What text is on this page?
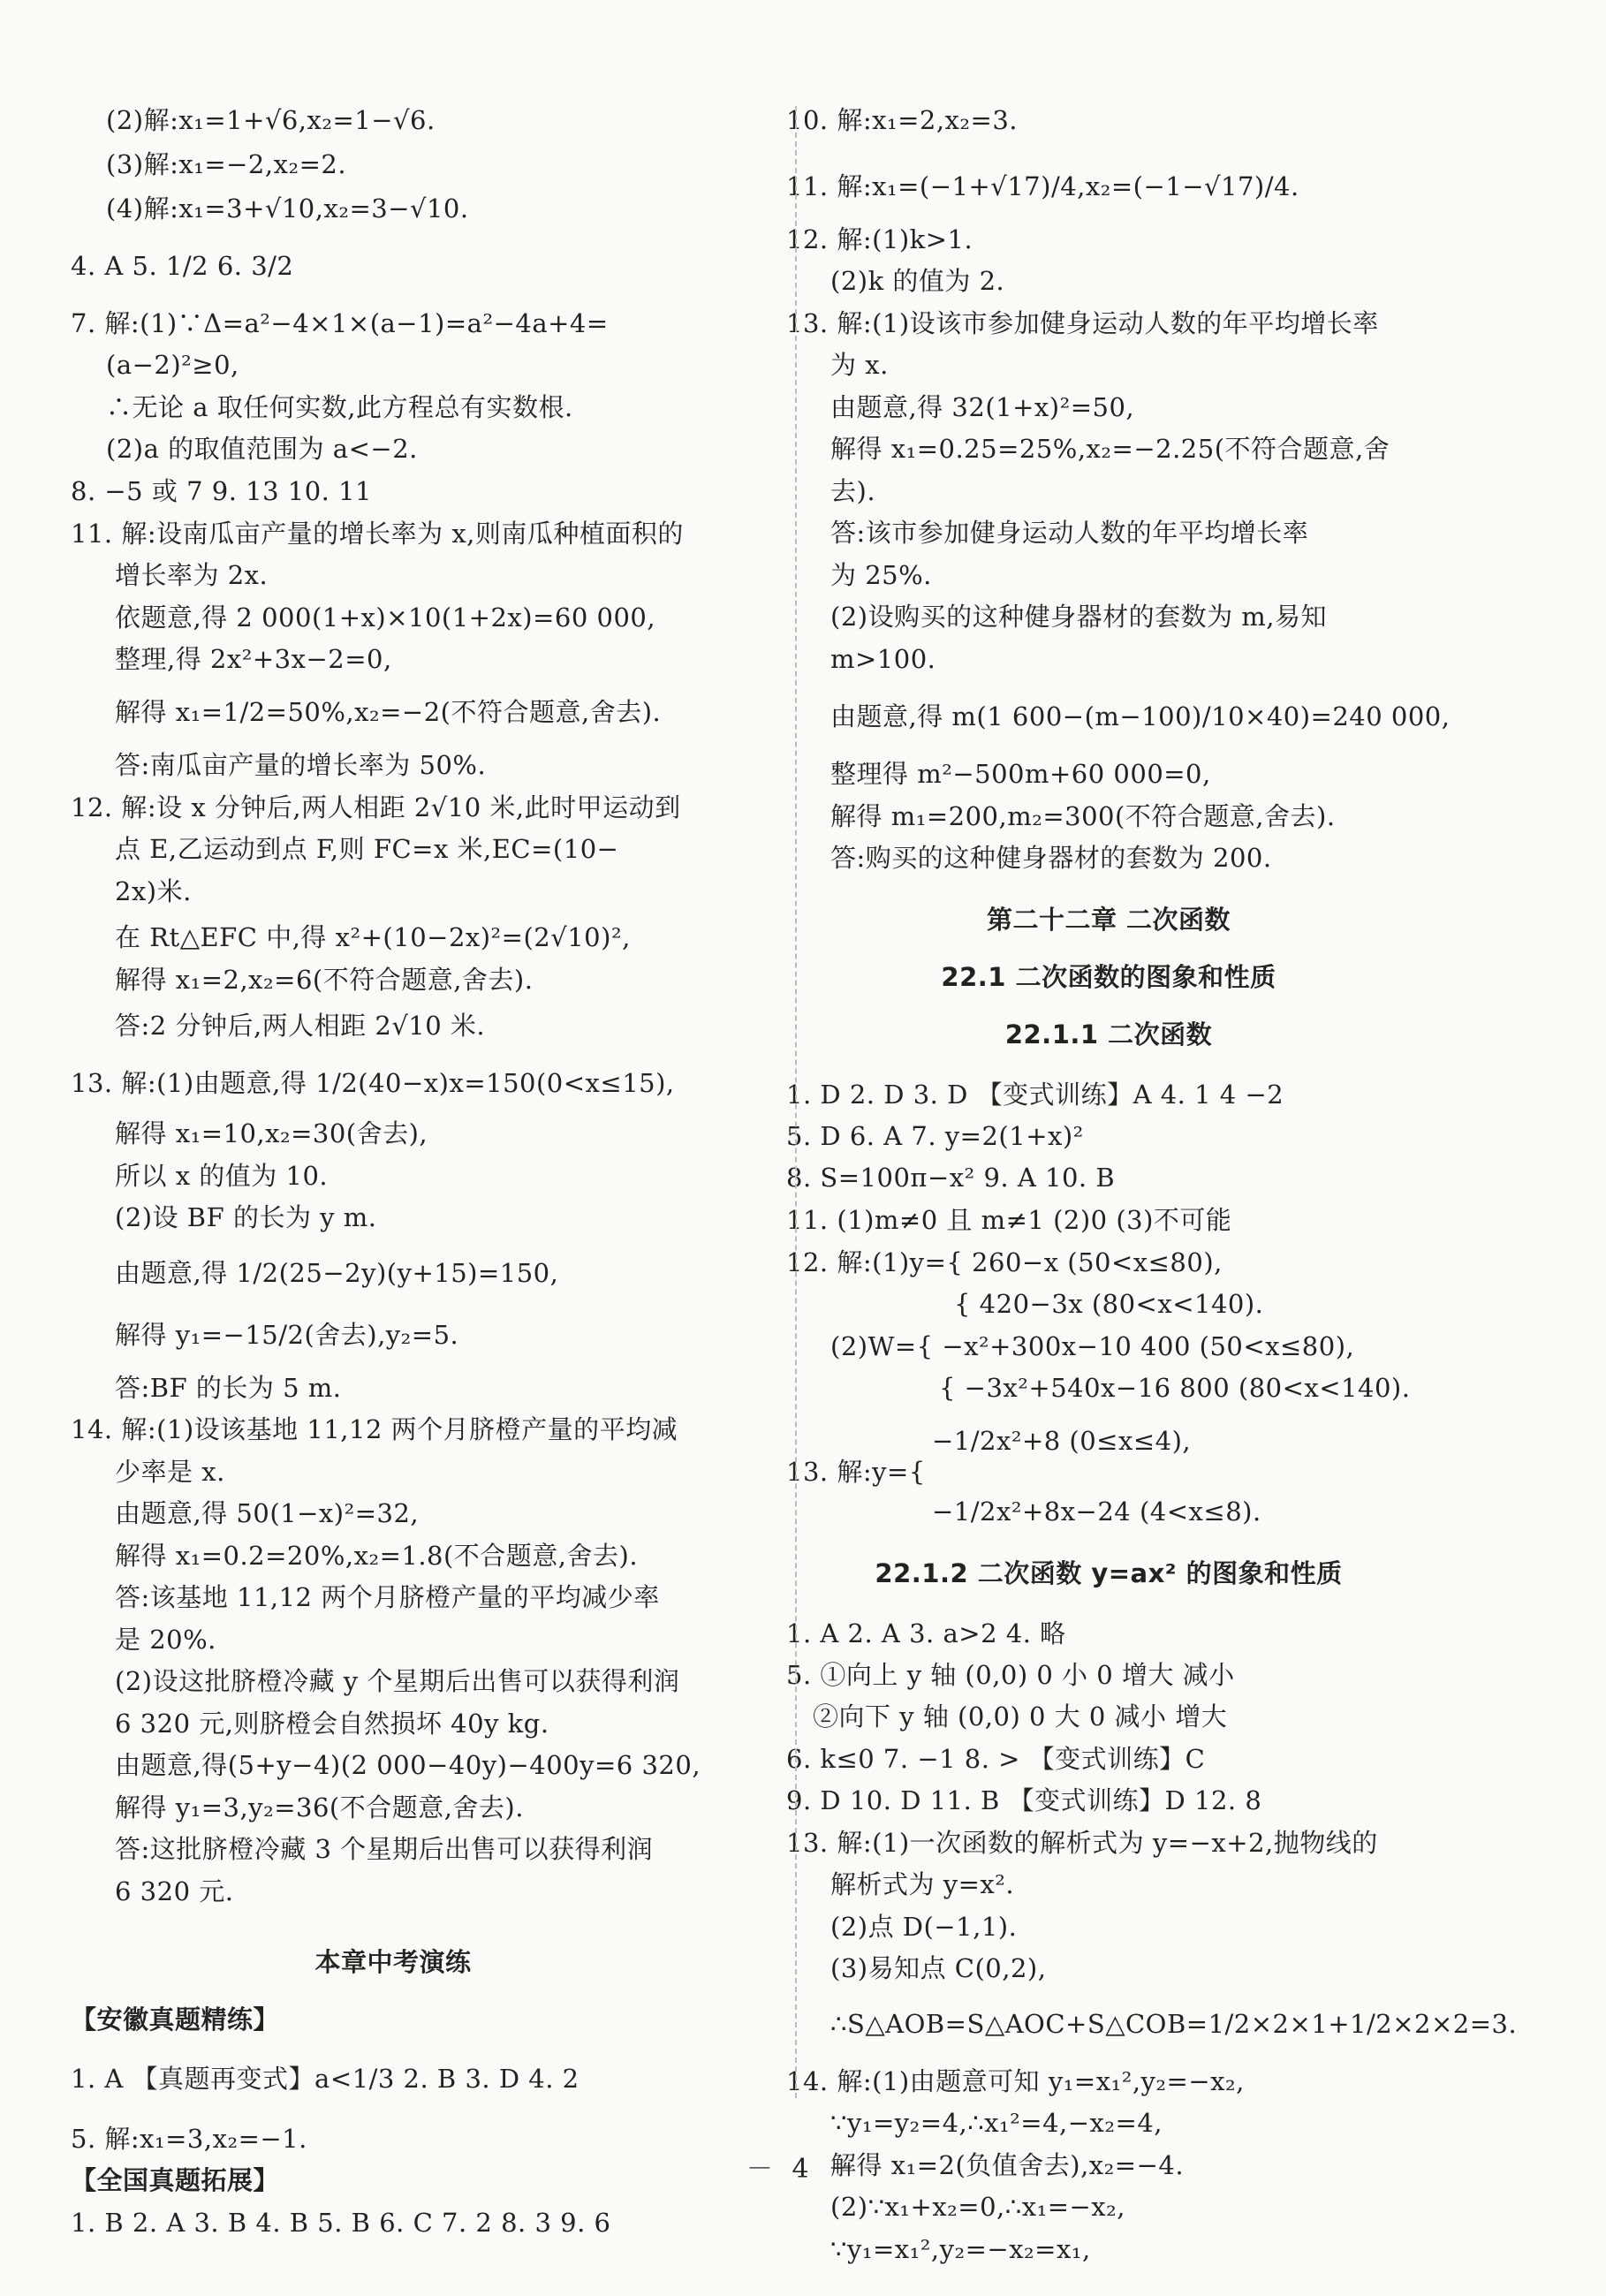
(2)解:x₁=1+√6,x₂=1−√6.
(3)解:x₁=−2,x₂=2.
(4)解:x₁=3+√10,x₂=3−√10.
4. A 5. 1/2 6. 3/2
7. 解:(1)∵Δ=a²−4×1×(a−1)=a²−4a+4=
(a−2)²≥0,
∴无论 a 取任何实数,此方程总有实数根.
(2)a 的取值范围为 a<−2.
8. −5 或 7 9. 13 10. 11
11. 解:设南瓜亩产量的增长率为 x,则南瓜种植面积的
增长率为 2x.
依题意,得 2 000(1+x)×10(1+2x)=60 000,
整理,得 2x²+3x−2=0,
解得 x₁=1/2=50%,x₂=−2(不符合题意,舍去).
答:南瓜亩产量的增长率为 50%.
12. 解:设 x 分钟后,两人相距 2√10 米,此时甲运动到
点 E,乙运动到点 F,则 FC=x 米,EC=(10−
2x)米.
在 Rt△EFC 中,得 x²+(10−2x)²=(2√10)²,
解得 x₁=2,x₂=6(不符合题意,舍去).
答:2 分钟后,两人相距 2√10 米.
13. 解:(1)由题意,得 1/2(40−x)x=150(0<x≤15),
解得 x₁=10,x₂=30(舍去),
所以 x 的值为 10.
(2)设 BF 的长为 y m.
由题意,得 1/2(25−2y)(y+15)=150,
解得 y₁=−15/2(舍去),y₂=5.
答:BF 的长为 5 m.
14. 解:(1)设该基地 11,12 两个月脐橙产量的平均减
少率是 x.
由题意,得 50(1−x)²=32,
解得 x₁=0.2=20%,x₂=1.8(不合题意,舍去).
答:该基地 11,12 两个月脐橙产量的平均减少率
是 20%.
(2)设这批脐橙冷藏 y 个星期后出售可以获得利润
6 320 元,则脐橙会自然损坏 40y kg.
由题意,得(5+y−4)(2 000−40y)−400y=6 320,
解得 y₁=3,y₂=36(不合题意,舍去).
答:这批脐橙冷藏 3 个星期后出售可以获得利润
6 320 元.
本章中考演练
【安徽真题精练】
1. A 【真题再变式】a<1/3 2. B 3. D 4. 2
5. 解:x₁=3,x₂=−1.
【全国真题拓展】
1. B 2. A 3. B 4. B 5. B 6. C 7. 2 8. 3 9. 6
10. 解:x₁=2,x₂=3.
11. 解:x₁=(−1+√17)/4,x₂=(−1−√17)/4.
12. 解:(1)k>1.
(2)k 的值为 2.
13. 解:(1)设该市参加健身运动人数的年平均增长率
为 x.
由题意,得 32(1+x)²=50,
解得 x₁=0.25=25%,x₂=−2.25(不符合题意,舍
去).
答:该市参加健身运动人数的年平均增长率
为 25%.
(2)设购买的这种健身器材的套数为 m,易知
m>100.
由题意,得 m(1 600−(m−100)/10×40)=240 000,
整理得 m²−500m+60 000=0,
解得 m₁=200,m₂=300(不符合题意,舍去).
答:购买的这种健身器材的套数为 200.
第二十二章 二次函数
22.1 二次函数的图象和性质
22.1.1 二次函数
1. D 2. D 3. D 【变式训练】A 4. 1 4 −2
5. D 6. A 7. y=2(1+x)²
8. S=100π−x² 9. A 10. B
11. (1)m≠0 且 m≠1 (2)0 (3)不可能
12. 解:(1)y={ 260−x (50<x≤80),
{ 420−3x (80<x<140).
(2)W={ −x²+300x−10 400 (50<x≤80),
{ −3x²+540x−16 800 (80<x<140).
−1/2x²+8 (0≤x≤4),
13. 解:y={
−1/2x²+8x−24 (4<x≤8).
22.1.2 二次函数 y=ax² 的图象和性质
1. A 2. A 3. a>2 4. 略
5. ①向上 y 轴 (0,0) 0 小 0 增大 减小
②向下 y 轴 (0,0) 0 大 0 减小 增大
6. k≤0 7. −1 8. > 【变式训练】C
9. D 10. D 11. B 【变式训练】D 12. 8
13. 解:(1)一次函数的解析式为 y=−x+2,抛物线的
解析式为 y=x².
(2)点 D(−1,1).
(3)易知点 C(0,2),
∴S△AOB=S△AOC+S△COB=1/2×2×1+1/2×2×2=3.
14. 解:(1)由题意可知 y₁=x₁²,y₂=−x₂,
∵y₁=y₂=4,∴x₁²=4,−x₂=4,
解得 x₁=2(负值舍去),x₂=−4.
(2)∵x₁+x₂=0,∴x₁=−x₂,
∵y₁=x₁²,y₂=−x₂=x₁,
－ 4 －
